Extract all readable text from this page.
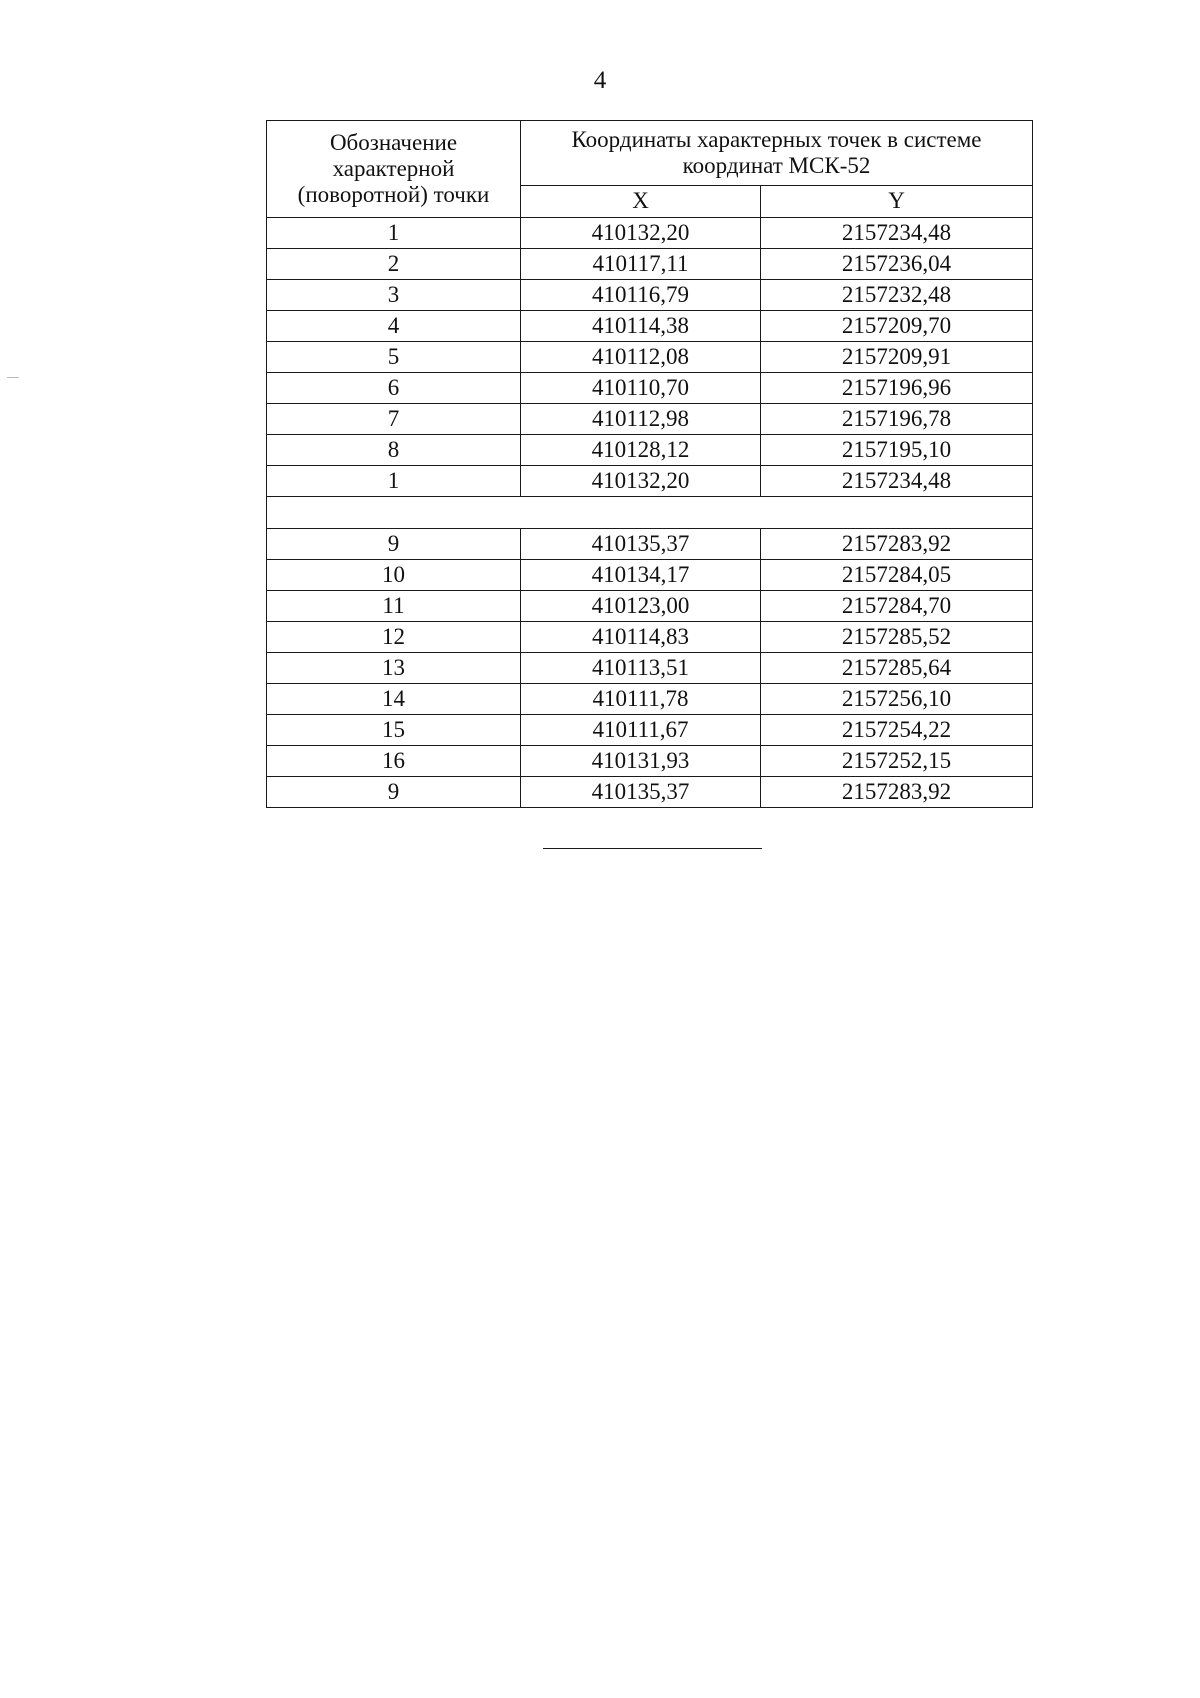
4
Обозначение характерной (поворотной) точки	Координаты характерных точек в системе координат МСК-52	
	X	Y
1	410132,20	2157234,48
2	410117,11	2157236,04
3	410116,79	2157232,48
4	410114,38	2157209,70
5	410112,08	2157209,91
6	410110,70	2157196,96
7	410112,98	2157196,78
8	410128,12	2157195,10
1	410132,20	2157234,48

9	410135,37	2157283,92
10	410134,17	2157284,05
11	410123,00	2157284,70
12	410114,83	2157285,52
13	410113,51	2157285,64
14	410111,78	2157256,10
15	410111,67	2157254,22
16	410131,93	2157252,15
9	410135,37	2157283,92
